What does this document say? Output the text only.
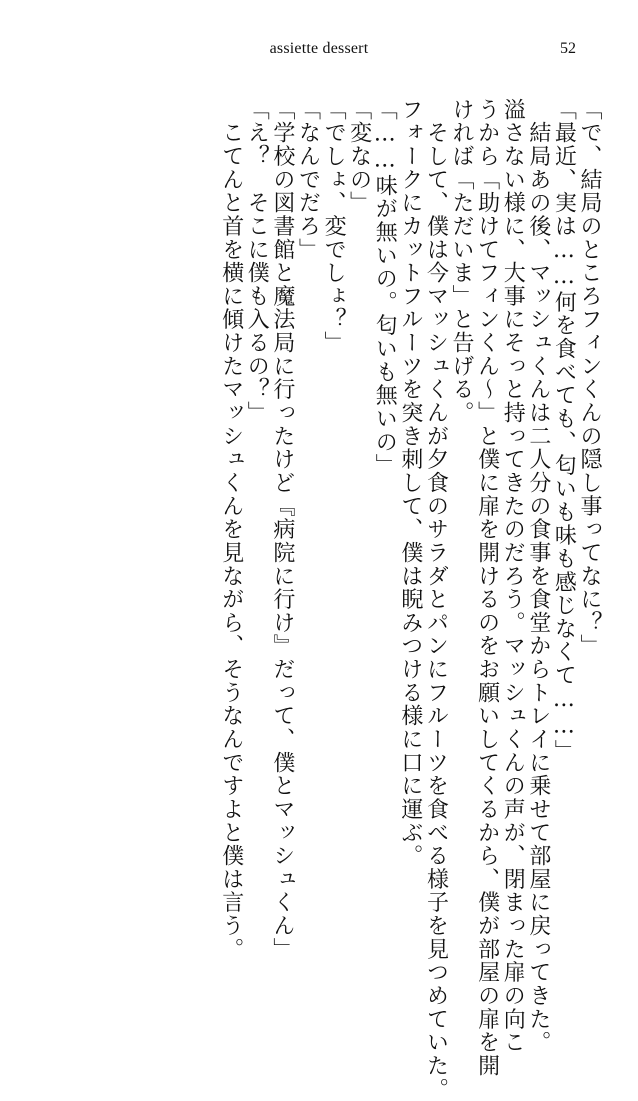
assiette dessert	52

「で、結局のところフィンくんの隠し事ってなに？」

「最近、実は……何を食べても、匂いも味も感じなくて……」

　結局あの後、マッシュくんは二人分の食事を食堂からトレイに乗せて部屋に戻ってきた。

溢さない様に、大事にそっと持ってきたのだろう。マッシュくんの声が、閉まった扉の向こ

うから「助けてフィンくん〜」と僕に扉を開けるのをお願いしてくるから、僕が部屋の扉を開

ければ「ただいま」と告げる。

　そして、僕は今マッシュくんが夕食のサラダとパンにフルーツを食べる様子を見つめていた。

フォークにカットフルーツを突き刺して、僕は睨みつける様に口に運ぶ。

「……味が無いの。匂いも無いの」

「変なの」

「でしょ、変でしょ？」

「なんでだろ」

「学校の図書館と魔法局に行ったけど『病院に行け』だって、僕とマッシュくん」

「え？　そこに僕も入るの？」

　こてんと首を横に傾けたマッシュくんを見ながら、そうなんですよと僕は言う。
